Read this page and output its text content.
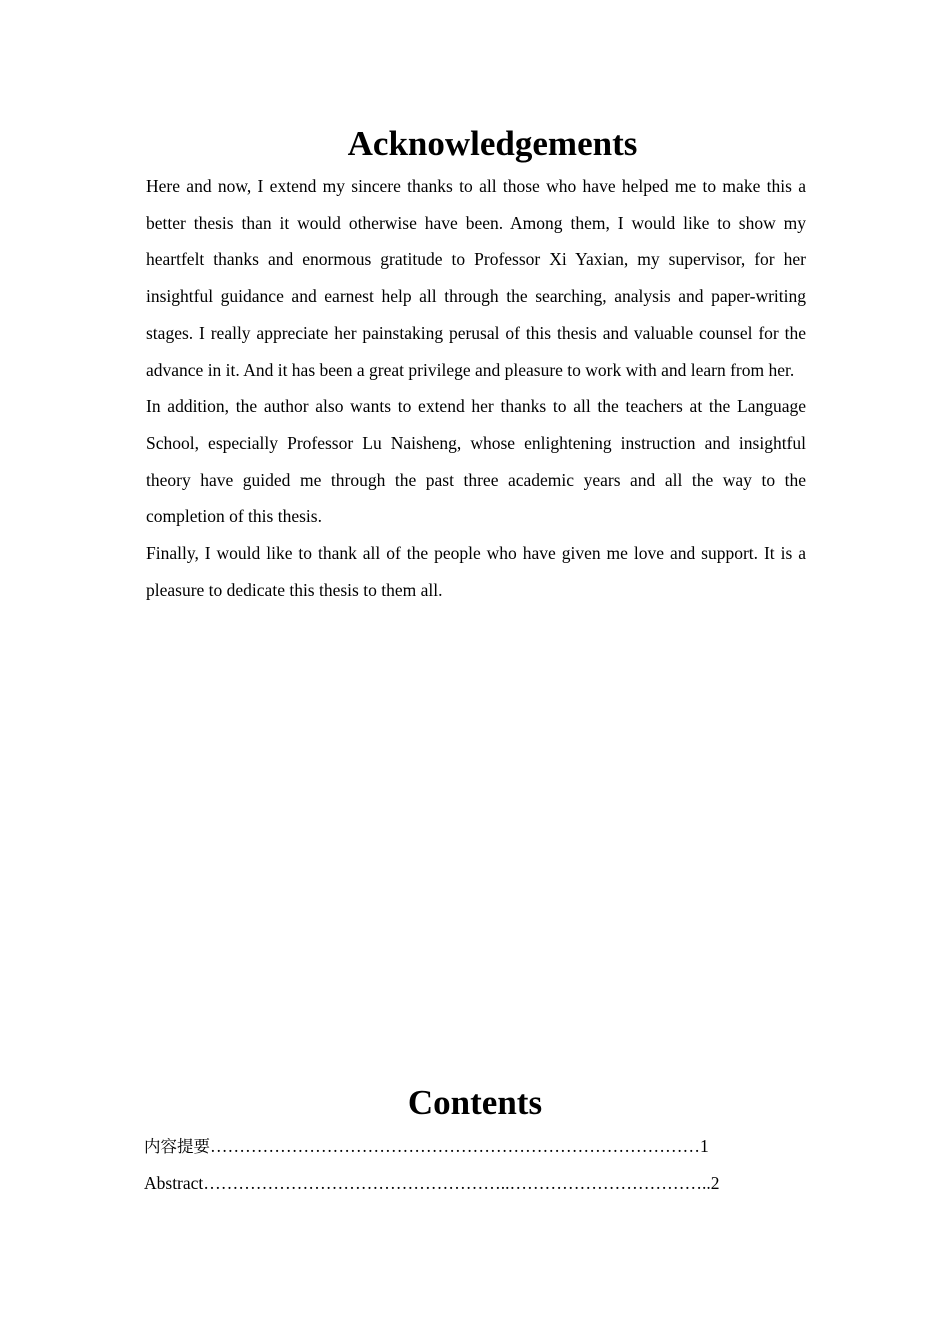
Acknowledgements

Here and now, I extend my sincere thanks to all those who have helped me to make this a better thesis than it would otherwise have been. Among them, I would like to show my heartfelt thanks and enormous gratitude to Professor Xi Yaxian, my supervisor, for her insightful guidance and earnest help all through the searching, analysis and paper-writing stages. I really appreciate her painstaking perusal of this thesis and valuable counsel for the advance in it. And it has been a great privilege and pleasure to work with and learn from her.

In addition, the author also wants to extend her thanks to all the teachers at the Language School, especially Professor Lu Naisheng, whose enlightening instruction and insightful theory have guided me through the past three academic years and all the way to the completion of this thesis.

Finally, I would like to thank all of the people who have given me love and support. It is a pleasure to dedicate this thesis to them all.

Contents
内容提要…………………………………………………………………………1
Abstract……………………………………………..……………………………..2
